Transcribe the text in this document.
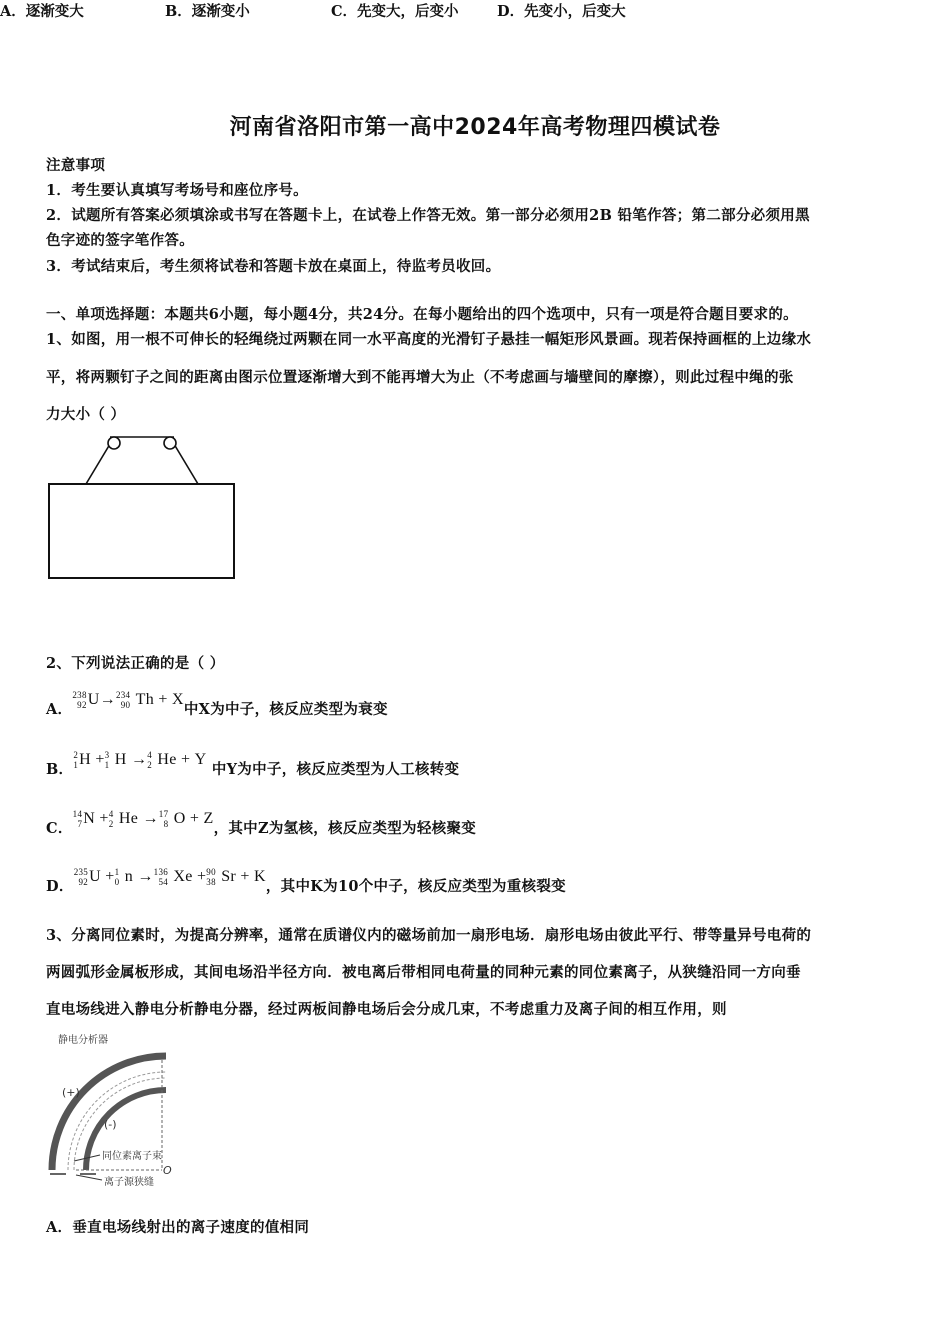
河南省洛阳市第一高中2024年高考物理四模试卷
注意事项
1．考生要认真填写考场号和座位序号。
2．试题所有答案必须填涂或书写在答题卡上，在试卷上作答无效。第一部分必须用2B 铅笔作答；第二部分必须用黑
色字迹的签字笔作答。
3．考试结束后，考生须将试卷和答题卡放在桌面上，待监考员收回。
一、单项选择题：本题共6小题，每小题4分，共24分。在每小题给出的四个选项中，只有一项是符合题目要求的。
1、如图，用一根不可伸长的轻绳绕过两颗在同一水平高度的光滑钉子悬挂一幅矩形风景画。现若保持画框的上边缘水
平，将两颗钉子之间的距离由图示位置逐渐增大到不能再增大为止（不考虑画与墙壁间的摩擦），则此过程中绳的张
力大小（ ）
A．逐渐变大	B．逐渐变小	C．先变大，后变小	D．先变小，后变大
2、下列说法正确的是（ ）
A．
238
92 U→ 234
90 Th + X中X为中子，核反应类型为衰变
B．
2
1 H + 3
1 H → 4
2 He + Y 中Y为中子，核反应类型为人工核转变
C．
14
7 N + 4
2 He → 17
8 O + Z，其中Z为氢核，核反应类型为轻核聚变
D．
235
92 U + 1
0 n → 136
54 Xe + 90
38 Sr + K，其中K为10个中子，核反应类型为重核裂变
3、分离同位素时，为提高分辨率，通常在质谱仪内的磁场前加一扇形电场．扇形电场由彼此平行、带等量异号电荷的
两圆弧形金属板形成，其间电场沿半径方向．被电离后带相同电荷量的同种元素的同位素离子，从狭缝沿同一方向垂
直电场线进入静电分析静电分器，经过两板间静电场后会分成几束，不考虑重力及离子间的相互作用，则
静电分析器
(+)
(-)
O
同位素离子束
离子源狭缝
A．垂直电场线射出的离子速度的值相同
